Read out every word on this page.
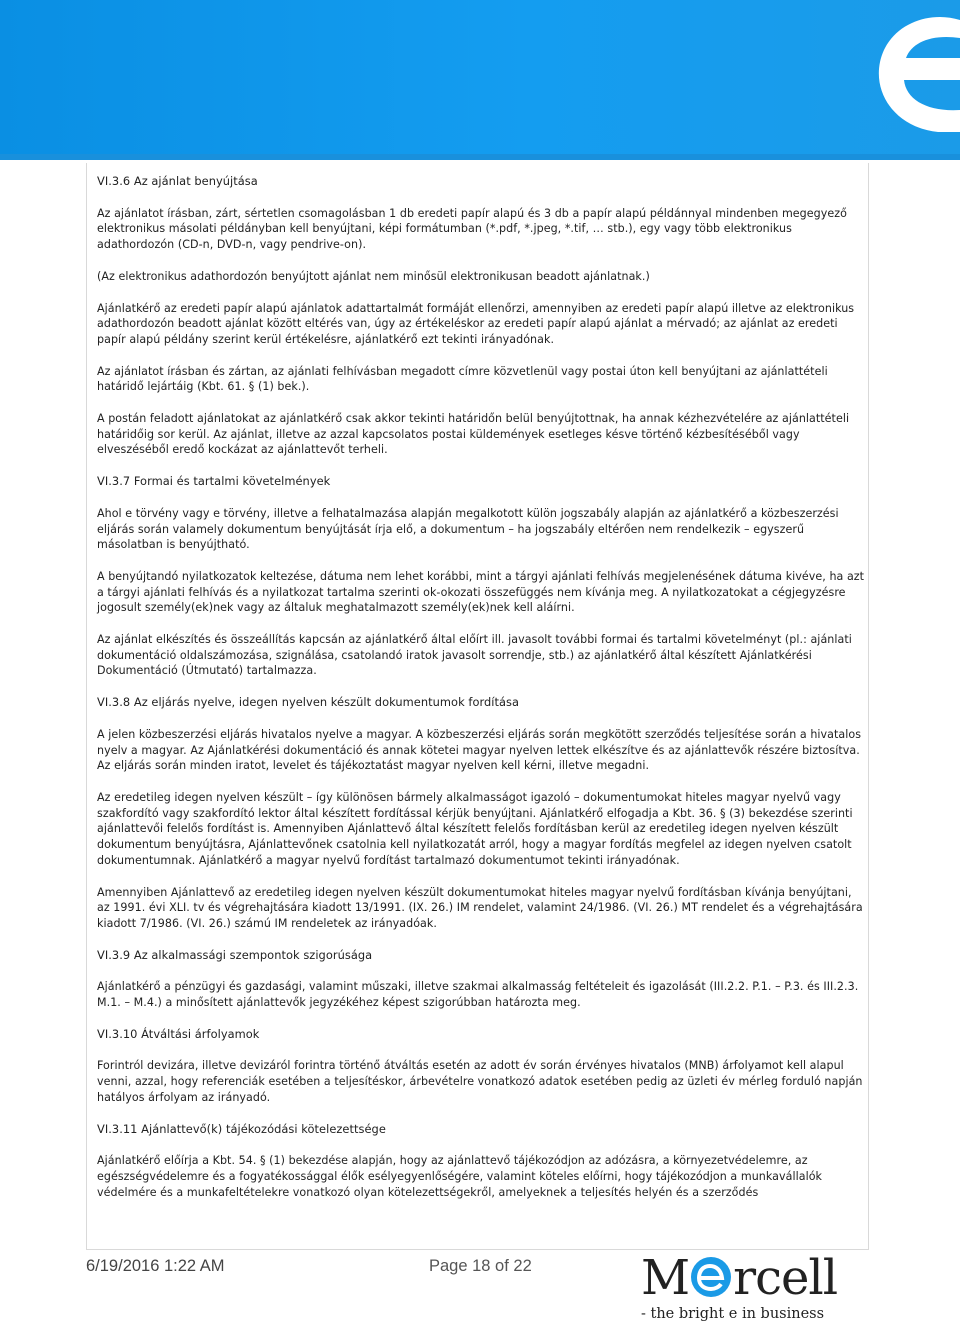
VI.3.6 Az ajánlat benyújtása

Az ajánlatot írásban, zárt, sértetlen csomagolásban 1 db eredeti papír alapú és 3 db a papír alapú példánnyal mindenben megegyező elektronikus másolati példányban kell benyújtani, képi formátumban (*.pdf, *.jpeg, *.tif, … stb.), egy vagy több elektronikus adathordozón (CD-n, DVD-n, vagy pendrive-on).

(Az elektronikus adathordozón benyújtott ajánlat nem minősül elektronikusan beadott ajánlatnak.)

Ajánlatkérő az eredeti papír alapú ajánlatok adattartalmát formáját ellenőrzi, amennyiben az eredeti papír alapú illetve az elektronikus adathordozón beadott ajánlat között eltérés van, úgy az értékeléskor az eredeti papír alapú ajánlat a mérvadó; az ajánlat az eredeti papír alapú példány szerint kerül értékelésre, ajánlatkérő ezt tekinti irányadónak.

Az ajánlatot írásban és zártan, az ajánlati felhívásban megadott címre közvetlenül vagy postai úton kell benyújtani az ajánlattételi határidő lejártáig (Kbt. 61. § (1) bek.).

A postán feladott ajánlatokat az ajánlatkérő csak akkor tekinti határidőn belül benyújtottnak, ha annak kézhezvételére az ajánlattételi határidőig sor kerül. Az ajánlat, illetve az azzal kapcsolatos postai küldemények esetleges késve történő kézbesítéséből vagy elveszéséből eredő kockázat az ajánlattevőt terheli.

VI.3.7 Formai és tartalmi követelmények

Ahol e törvény vagy e törvény, illetve a felhatalmazása alapján megalkotott külön jogszabály alapján az ajánlatkérő a közbeszerzési eljárás során valamely dokumentum benyújtását írja elő, a dokumentum – ha jogszabály eltérően nem rendelkezik – egyszerű másolatban is benyújtható.

A benyújtandó nyilatkozatok keltezése, dátuma nem lehet korábbi, mint a tárgyi ajánlati felhívás megjelenésének dátuma kivéve, ha azt a tárgyi ajánlati felhívás és a nyilatkozat tartalma szerinti ok-okozati összefüggés nem kívánja meg. A nyilatkozatokat a cégjegyzésre jogosult személy(ek)nek vagy az általuk meghatalmazott személy(ek)nek kell aláírni.

Az ajánlat elkészítés és összeállítás kapcsán az ajánlatkérő által előírt ill. javasolt további formai és tartalmi követelményt (pl.: ajánlati dokumentáció oldalszámozása, szignálása, csatolandó iratok javasolt sorrendje, stb.) az ajánlatkérő által készített Ajánlatkérési Dokumentáció (Útmutató) tartalmazza.

VI.3.8 Az eljárás nyelve, idegen nyelven készült dokumentumok fordítása

A jelen közbeszerzési eljárás hivatalos nyelve a magyar. A közbeszerzési eljárás során megkötött szerződés teljesítése során a hivatalos nyelv a magyar. Az Ajánlatkérési dokumentáció és annak kötetei magyar nyelven lettek elkészítve és az ajánlattevők részére biztosítva. Az eljárás során minden iratot, levelet és tájékoztatást magyar nyelven kell kérni, illetve megadni.

Az eredetileg idegen nyelven készült – így különösen bármely alkalmasságot igazoló – dokumentumokat hiteles magyar nyelvű vagy szakfordító vagy szakfordító lektor által készített fordítással kérjük benyújtani. Ajánlatkérő elfogadja a Kbt. 36. § (3) bekezdése szerinti ajánlattevői felelős fordítást is. Amennyiben Ajánlattevő által készített felelős fordításban kerül az eredetileg idegen nyelven készült dokumentum benyújtásra, Ajánlattevőnek csatolnia kell nyilatkozatát arról, hogy a magyar fordítás megfelel az idegen nyelven csatolt dokumentumnak. Ajánlatkérő a magyar nyelvű fordítást tartalmazó dokumentumot tekinti irányadónak.

Amennyiben Ajánlattevő az eredetileg idegen nyelven készült dokumentumokat hiteles magyar nyelvű fordításban kívánja benyújtani, az 1991. évi XLI. tv és végrehajtására kiadott 13/1991. (IX. 26.) IM rendelet, valamint 24/1986. (VI. 26.) MT rendelet és a végrehajtására kiadott 7/1986. (VI. 26.) számú IM rendeletek az irányadóak.

VI.3.9 Az alkalmassági szempontok szigorúsága

Ajánlatkérő a pénzügyi és gazdasági, valamint műszaki, illetve szakmai alkalmasság feltételeit és igazolását (III.2.2. P.1. – P.3. és III.2.3. M.1. – M.4.) a minősített ajánlattevők jegyzékéhez képest szigorúbban határozta meg.

VI.3.10 Átváltási árfolyamok

Forintról devizára, illetve devizáról forintra történő átváltás esetén az adott év során érvényes hivatalos (MNB) árfolyamot kell alapul venni, azzal, hogy referenciák esetében a teljesítéskor, árbevételre vonatkozó adatok esetében pedig az üzleti év mérleg forduló napján hatályos árfolyam az irányadó.

VI.3.11 Ajánlattevő(k) tájékozódási kötelezettsége

Ajánlatkérő előírja a Kbt. 54. § (1) bekezdése alapján, hogy az ajánlattevő tájékozódjon az adózásra, a környezetvédelemre, az egészségvédelemre és a fogyatékossággal élők esélyegyenlőségére, valamint köteles előírni, hogy tájékozódjon a munkavállalók védelmére és a munkafeltételekre vonatkozó olyan kötelezettségekről, amelyeknek a teljesítés helyén és a szerződés

6/19/2016 1:22 AM	Page 18 of 22 M rcell
- the bright e in business
